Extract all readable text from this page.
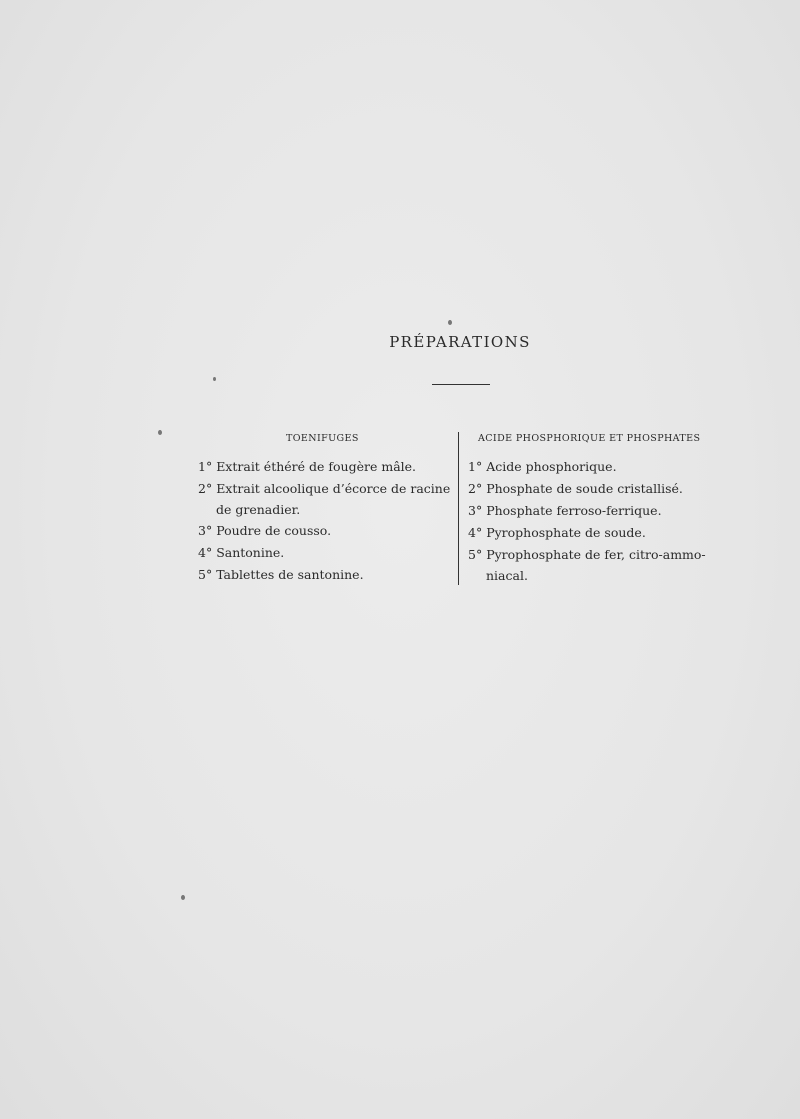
PRÉPARATIONS
TOENIFUGES
1° Extrait éthéré de fougère mâle.
2° Extrait alcoolique d’écorce de racine
de grenadier.
3° Poudre de cousso.
4° Santonine.
5° Tablettes de santonine.
ACIDE PHOSPHORIQUE ET PHOSPHATES
1° Acide phosphorique.
2° Phosphate de soude cristallisé.
3° Phosphate ferroso-ferrique.
4° Pyrophosphate de soude.
5° Pyrophosphate de fer, citro-ammo-
niacal.
